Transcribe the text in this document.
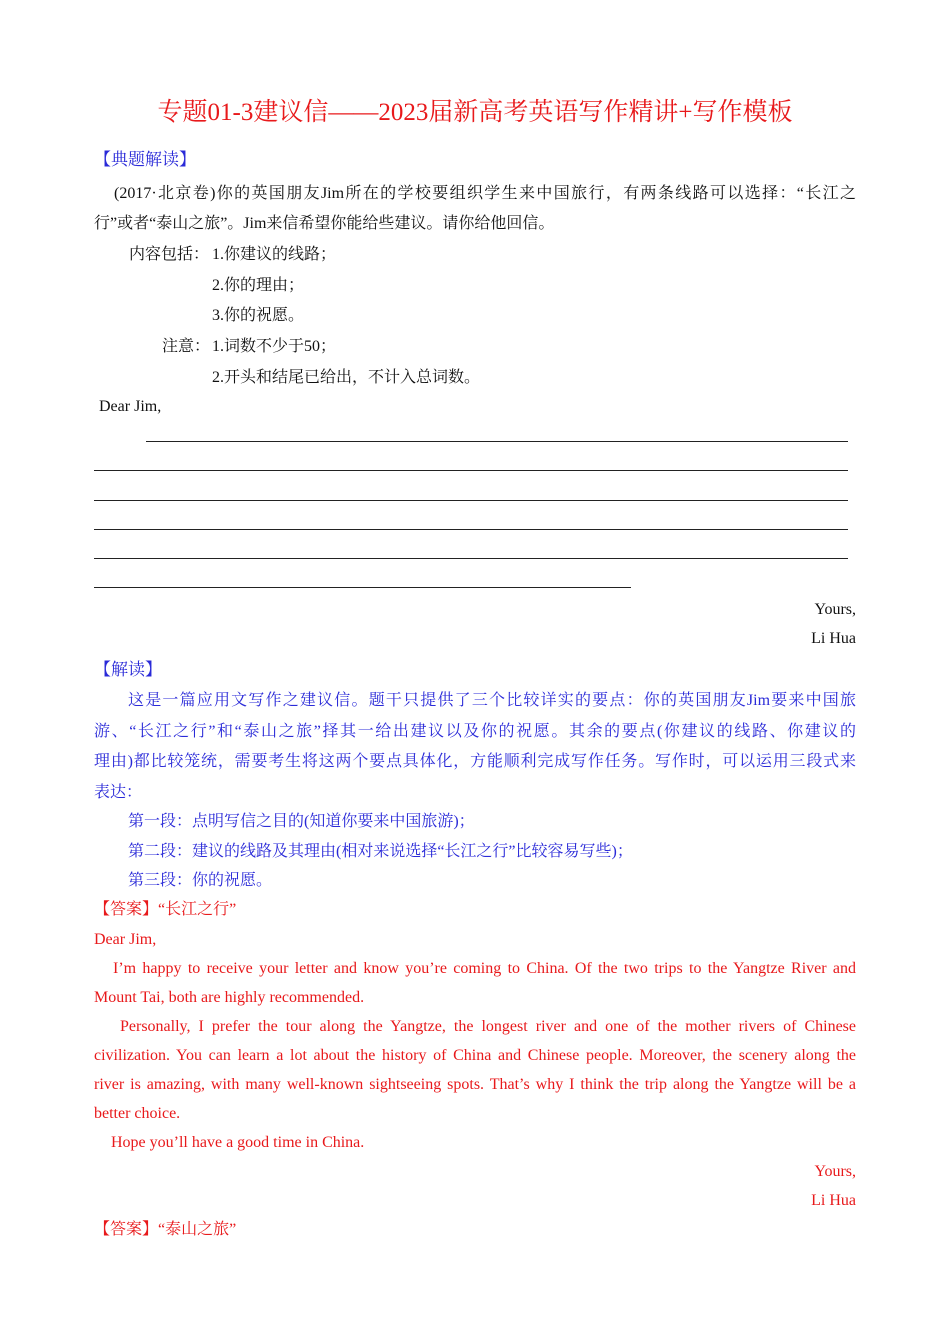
专题01-3建议信——2023届新高考英语写作精讲+写作模板
【典题解读】
(2017·北京卷)你的英国朋友Jim所在的学校要组织学生来中国旅行，有两条线路可以选择：“长江之
行”或者“泰山之旅”。Jim来信希望你能给些建议。请你给他回信。
内容包括： 1.你建议的线路；
2.你的理由；
3.你的祝愿。
注意： 1.词数不少于50；
2.开头和结尾已给出，不计入总词数。
Dear Jim,
Yours,
Li Hua
【解读】
这是一篇应用文写作之建议信。题干只提供了三个比较详实的要点：你的英国朋友Jim要来中国旅
游、“长江之行”和“泰山之旅”择其一给出建议以及你的祝愿。其余的要点(你建议的线路、你建议的
理由)都比较笼统，需要考生将这两个要点具体化，方能顺利完成写作任务。写作时，可以运用三段式来
表达：
第一段：点明写信之目的(知道你要来中国旅游)；
第二段：建议的线路及其理由(相对来说选择“长江之行”比较容易写些)；
第三段：你的祝愿。
【答案】“长江之行”
Dear Jim,
I’m happy to receive your letter and know you’re coming to China. Of the two trips to the Yangtze River and
Mount Tai, both are highly recommended.
Personally, I prefer the tour along the Yangtze, the longest river and one of the mother rivers of Chinese
civilization. You can learn a lot about the history of China and Chinese people. Moreover, the scenery along the
river is amazing, with many well-known sightseeing spots. That’s why I think the trip along the Yangtze will be a
better choice.
Hope you’ll have a good time in China.
Yours,
Li Hua
【答案】“泰山之旅”
